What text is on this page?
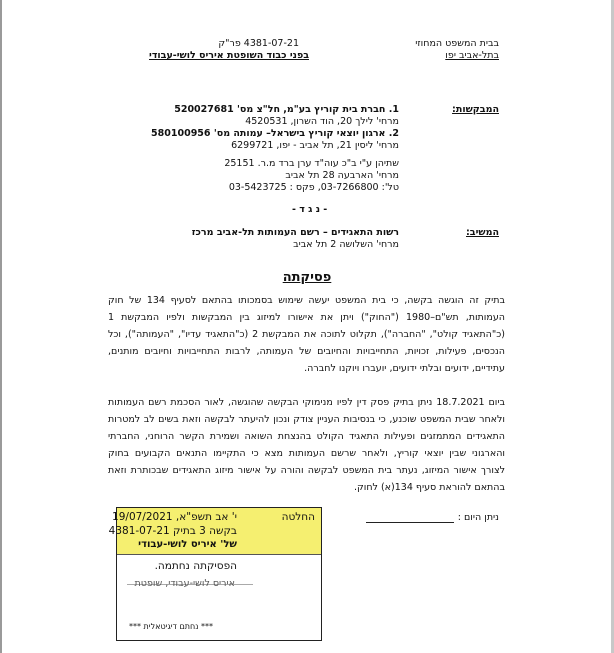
בבית המשפט המחוזי
בתל-אביב יפו
4381-07-21 פר"ק
בפני כבוד השופטת איריס לושי-עבודי
המבקשות:
1. חברת בית קוריץ בע"מ, חל"צ מס' 520027681
מרחי' לילך 20, הוד השרון, 4520531
2. ארגון יוצאי קוריץ בישראל– עמותה מס' 580100956
מרחי' ליסין 21, תל אביב - יפו, 6299721
שתיהן ע"י ב"כ עוה"ד ערן ברד מ.ר. 25151
מרחי' הארבעה 28 תל אביב
טל': 03-7266800, פקס : 03-5423725
- נ ג ד -
המשיב:
רשות התאגידים – רשם העמותות תל-אביב מרכז
מרחי' השלושה 2 תל אביב
פסיקתה
בתיק זה הוגשה בקשה, כי בית המשפט יעשה שימוש בסמכותו בהתאם לסעיף 134 של חוק
העמותות, תש"ם–1980 ("החוק") ויתן את אישורו למיזוג בין המבקשות ולפיו המבקשת 1
(כ"התאגיד קולט", "החברה"), תקלוט לתוכה את המבקשת 2 (כ"התאגיד עדיו", "העמותה"), וכל
הנכסים, פעילות, זכויות, התחייבויות והחיובים של העמותה, לרבות התחייבויות וחיובים מותנים,
עתידיים, ידועים ובלתי ידועים, יועברו ויוקנו לחברה.
ביום 18.7.2021 ניתן בתיק פסק דין לפיו מנימוקי הבקשה שהוגשה, לאור הסכמת רשם העמותות
ולאחר שבית המשפט שוכנע, כי בנסיבות העניין צודק ונכון להיעתר לבקשה וזאת בשים לב למטרות
התאגידים המתמזגים ופעילות התאגיד הקולט בהנצחת השואה ושמירת הקשר הרוחני, החברתי
והארגוני שבין יוצאי קוריץ, ולאחר שרשם העמותות מצא כי התקיימו התנאים הקבועים בחוק
לצורך אישור המיזוג, נעתר בית המשפט לבקשה והורה על אישור מיזוג התאגידים שבכותרת וזאת
בהתאם להוראת סעיף 134(א) לחוק.
ניתן היום :
החלטה
י' אב תשפ"א, 19/07/2021
בקשה 3 בתיק 4381-07-21
של' איריס לושי-עבודי
הפסיקתה נחתמה.
איריס לושי-עבודי, שופטת
*** נחתם דיגיטאלית ***
